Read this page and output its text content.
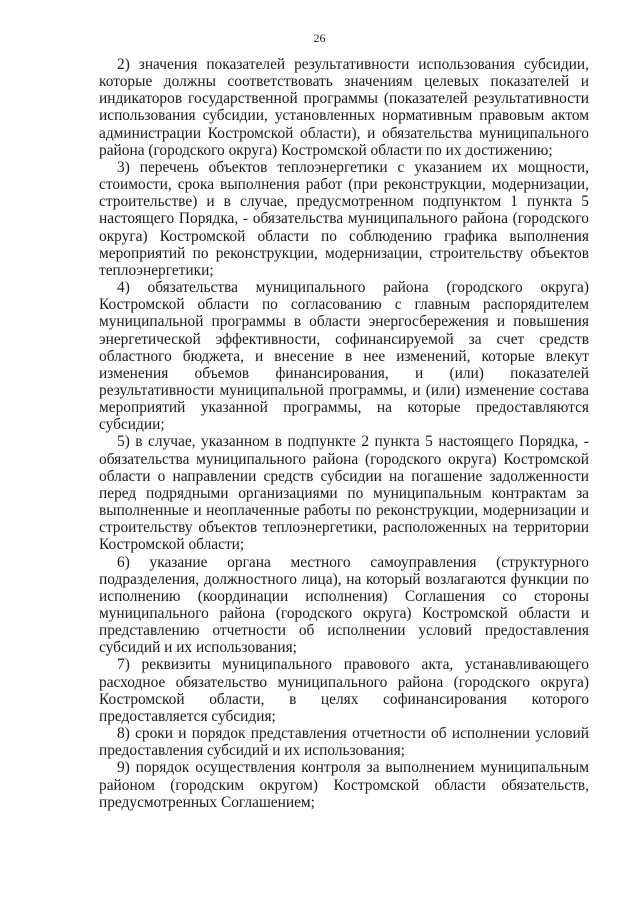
26

2) значения показателей результативности использования субсидии, которые должны соответствовать значениям целевых показателей и индикаторов государственной программы (показателей результативности использования субсидии, установленных нормативным правовым актом администрации Костромской области), и обязательства муниципального района (городского округа) Костромской области по их достижению;

3) перечень объектов теплоэнергетики с указанием их мощности, стоимости, срока выполнения работ (при реконструкции, модернизации, строительстве) и в случае, предусмотренном подпунктом 1 пункта 5 настоящего Порядка, - обязательства муниципального района (городского округа) Костромской области по соблюдению графика выполнения мероприятий по реконструкции, модернизации, строительству объектов теплоэнергетики;

4) обязательства муниципального района (городского округа) Костромской области по согласованию с главным распорядителем муниципальной программы в области энергосбережения и повышения энергетической эффективности, софинансируемой за счет средств областного бюджета, и внесение в нее изменений, которые влекут изменения объемов финансирования, и (или) показателей результативности муниципальной программы, и (или) изменение состава мероприятий указанной программы, на которые предоставляются субсидии;

5) в случае, указанном в подпункте 2 пункта 5 настоящего Порядка, - обязательства муниципального района (городского округа) Костромской области о направлении средств субсидии на погашение задолженности перед подрядными организациями по муниципальным контрактам за выполненные и неоплаченные работы по реконструкции, модернизации и строительству объектов теплоэнергетики, расположенных на территории Костромской области;

6) указание органа местного самоуправления (структурного подразделения, должностного лица), на который возлагаются функции по исполнению (координации исполнения) Соглашения со стороны муниципального района (городского округа) Костромской области и представлению отчетности об исполнении условий предоставления субсидий и их использования;

7) реквизиты муниципального правового акта, устанавливающего расходное обязательство муниципального района (городского округа) Костромской области, в целях софинансирования которого предоставляется субсидия;

8) сроки и порядок представления отчетности об исполнении условий предоставления субсидий и их использования;

9) порядок осуществления контроля за выполнением муниципальным районом (городским округом) Костромской области обязательств, предусмотренных Соглашением;
